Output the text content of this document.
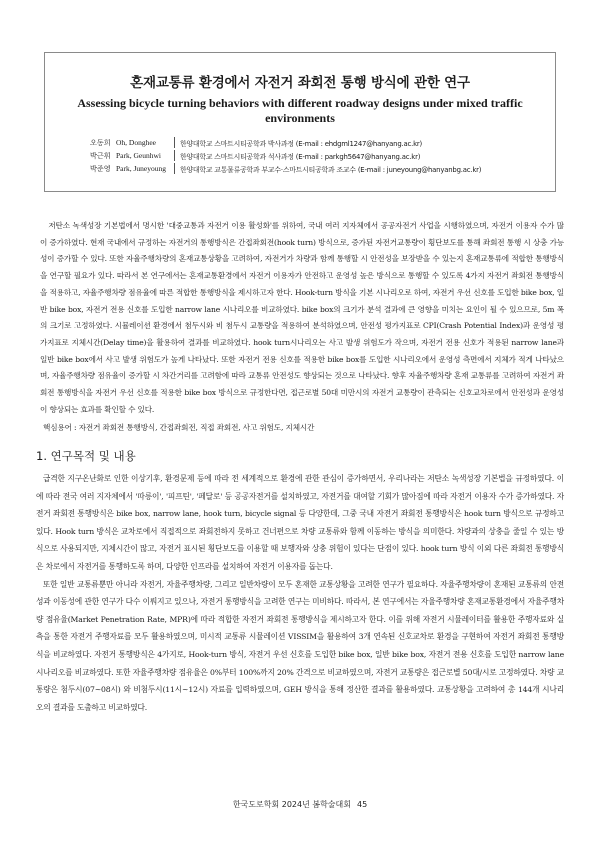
혼재교통류 환경에서 자전거 좌회전 통행 방식에 관한 연구
Assessing bicycle turning behaviors with different roadway designs under mixed traffic environments
오동희 Oh, Donghee	한양대학교 스마트시티공학과 박사과정 (E-mail : ehdgml1247@hanyang.ac.kr)
박근휘 Park, Geunhwi	한양대학교 스마트시티공학과 석사과정 (E-mail : parkgh5647@hanyang.ac.kr)
박준영 Park, Juneyoung	한양대학교 교통물류공학과 부교수·스마트시티공학과 조교수 (E-mail : juneyoung@hanyanbg.ac.kr)
저탄소 녹색성장 기본법에서 명시한 '대중교통과 자전거 이용 활성화'를 위하여, 국내 여러 지자체에서 공공자전거 사업을 시행하였으며, 자전거 이용자 수가 많이 증가하였다. 현재 국내에서 규정하는 자전거의 통행방식은 간접좌회전(hook turn) 방식으로, 증가된 자전거교통량이 횡단보도를 통해 좌회전 통행 시 상충 가능성이 증가할 수 있다. 또한 자율주행차량의 혼재교통상황을 고려하여, 자전거가 차량과 함께 통행할 시 안전성을 보장받을 수 있는지 혼재교통류에 적합한 통행방식을 연구할 필요가 있다. 따라서 본 연구에서는 혼재교통환경에서 자전거 이용자가 안전하고 운영성 높은 방식으로 통행할 수 있도록 4가지 자전거 좌회전 통행방식을 적용하고, 자율주행차량 점유율에 따른 적합한 통행방식을 제시하고자 한다. Hook-turn 방식을 기본 시나리오로 하여, 자전거 우선 신호를 도입한 bike box, 일반 bike box, 자전거 전용 신호를 도입한 narrow lane 시나리오를 비교하였다. bike box의 크기가 분석 결과에 큰 영향을 미치는 요인이 될 수 있으므로, 5m 폭의 크기로 고정하였다. 시뮬레이션 환경에서 첨두시와 비 첨두시 교통량을 적용하여 분석하였으며, 안전성 평가지표로 CPI(Crash Potential Index)과 운영성 평가지표로 지체시간(Delay time)을 활용하여 결과를 비교하였다. hook turn시나리오는 사고 발생 위험도가 작으며, 자전거 전용 신호가 적용된 narrow lane과 일반 bike box에서 사고 발생 위험도가 높게 나타났다. 또한 자전거 전용 신호를 적용한 bike box를 도입한 시나리오에서 운영성 측면에서 지체가 적게 나타났으며, 자율주행차량 점유율이 증가할 시 차간거리를 고려함에 따라 교통류 안전성도 향상되는 것으로 나타났다. 향후 자율주행차량 혼재 교통류를 고려하여 자전거 좌회전 통행방식을 자전거 우선 신호를 적용한 bike box 방식으로 규정한다면, 접근로별 50대 미만시의 자전거 교통량이 관측되는 신호교차로에서 안전성과 운영성이 향상되는 효과를 확인할 수 있다.
핵심용어 : 자전거 좌회전 통행방식, 간접좌회전, 직접 좌회전, 사고 위험도, 지체시간
1. 연구목적 및 내용

급격한 지구온난화로 인한 이상기후, 환경문제 등에 따라 전 세계적으로 환경에 관한 관심이 증가하면서, 우리나라는 저탄소 녹색성장 기본법을 규정하였다. 이에 따라 전국 여러 지자체에서 '따릉이', '피프틴', '페달로' 등 공공자전거를 설치하였고, 자전거를 대여할 기회가 많아짐에 따라 자전거 이용자 수가 증가하였다. 자전거 좌회전 통행방식은 bike box, narrow lane, hook turn, bicycle signal 등 다양한데, 그중 국내 자전거 좌회전 통행방식은 hook turn 방식으로 규정하고 있다. Hook turn 방식은 교차로에서 직접적으로 좌회전하지 못하고 건너편으로 차량 교통류와 함께 이동하는 방식을 의미한다. 차량과의 상충을 줄일 수 있는 방식으로 사용되지만, 지체시간이 많고, 자전거 표시된 횡단보도를 이용할 때 보행자와 상충 위험이 있다는 단점이 있다. hook turn 방식 이외 다른 좌회전 통행방식은 차로에서 자전거를 통행하도록 하며, 다양한 인프라를 설치하여 자전거 이용자를 돕는다.

또한 일반 교통류뿐만 아니라 자전거, 자율주행차량, 그리고 일반차량이 모두 혼재한 교통상황을 고려한 연구가 필요하다. 자율주행차량이 혼재된 교통류의 안전성과 이동성에 관한 연구가 다수 이뤄지고 있으나, 자전거 통행방식을 고려한 연구는 미비하다. 따라서, 본 연구에서는 자율주행차량 혼재교통환경에서 자율주행차량 점유율(Market Penetration Rate, MPR)에 따라 적합한 자전거 좌회전 통행방식을 제시하고자 한다. 이를 위해 자전거 시뮬레이터를 활용한 주행자료와 실측을 통한 자전거 주행자료를 모두 활용하였으며, 미시적 교통류 시뮬레이션 VISSIM을 활용하여 3개 연속된 신호교차로 환경을 구현하여 자전거 좌회전 통행방식을 비교하였다. 자전거 통행방식은 4가지로, Hook-turn 방식, 자전거 우선 신호를 도입한 bike box, 일반 bike box, 자전거 전용 신호를 도입한 narrow lane 시나리오를 비교하였다. 또한 자율주행차량 점유율은 0%부터 100%까지 20% 간격으로 비교하였으며, 자전거 교통량은 접근로별 50대/시로 고정하였다. 차량 교통량은 첨두시(07~08시) 와 비첨두시(11시~12시) 자료를 입력하였으며, GEH 방식을 통해 정산한 결과를 활용하였다. 교통상황을 고려하여 총 144개 시나리오의 결과를 도출하고 비교하였다.

한국도로학회 2024년 봄학술대회 45
